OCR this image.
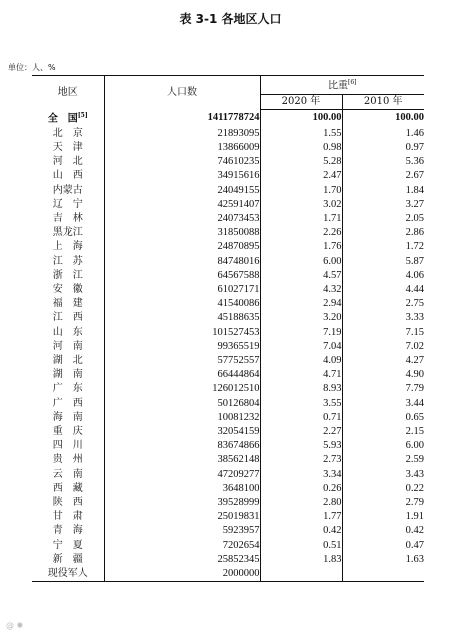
表 3-1 各地区人口
单位：人、%
地区	人口数	比重[6]
		2020 年	2010 年
全　国[5]	1411778724	100.00	100.00
北　京	21893095	1.55	1.46
天　津	13866009	0.98	0.97
河　北	74610235	5.28	5.36
山　西	34915616	2.47	2.67
内蒙古	24049155	1.70	1.84
辽　宁	42591407	3.02	3.27
吉　林	24073453	1.71	2.05
黑龙江	31850088	2.26	2.86
上　海	24870895	1.76	1.72
江　苏	84748016	6.00	5.87
浙　江	64567588	4.57	4.06
安　徽	61027171	4.32	4.44
福　建	41540086	2.94	2.75
江　西	45188635	3.20	3.33
山　东	101527453	7.19	7.15
河　南	99365519	7.04	7.02
湖　北	57752557	4.09	4.27
湖　南	66444864	4.71	4.90
广　东	126012510	8.93	7.79
广　西	50126804	3.55	3.44
海　南	10081232	0.71	0.65
重　庆	32054159	2.27	2.15
四　川	83674866	5.93	6.00
贵　州	38562148	2.73	2.59
云　南	47209277	3.34	3.43
西　藏	3648100	0.26	0.22
陕　西	39528999	2.80	2.79
甘　肃	25019831	1.77	1.91
青　海	5923957	0.42	0.42
宁　夏	7202654	0.51	0.47
新　疆	25852345	1.83	1.63
现役军人	2000000		
@ ✺
